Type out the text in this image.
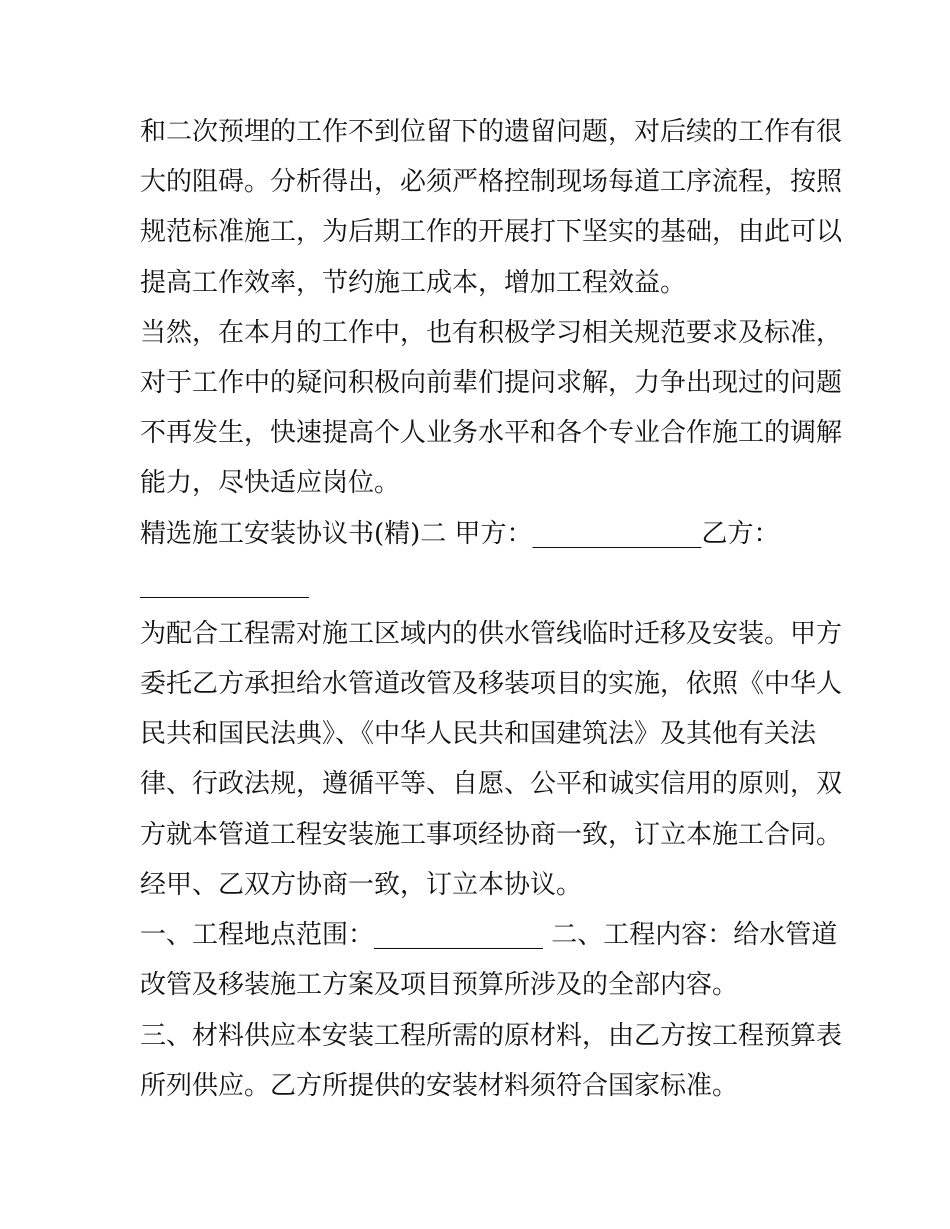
和二次预埋的工作不到位留下的遗留问题，对后续的工作有很
大的阻碍。分析得出，必须严格控制现场每道工序流程，按照
规范标准施工，为后期工作的开展打下坚实的基础，由此可以
提高工作效率，节约施工成本，增加工程效益。
当然，在本月的工作中，也有积极学习相关规范要求及标准，
对于工作中的疑问积极向前辈们提问求解，力争出现过的问题
不再发生，快速提高个人业务水平和各个专业合作施工的调解
能力，尽快适应岗位。
精选施工安装协议书(精)二 甲方：_____________乙方：
_____________
为配合工程需对施工区域内的供水管线临时迁移及安装。甲方
委托乙方承担给水管道改管及移装项目的实施，依照《中华人
民共和国民法典》、《中华人民共和国建筑法》及其他有关法
律、行政法规，遵循平等、自愿、公平和诚实信用的原则，双
方就本管道工程安装施工事项经协商一致，订立本施工合同。
经甲、乙双方协商一致，订立本协议。
一、工程地点范围：_____________ 二、工程内容：给水管道
改管及移装施工方案及项目预算所涉及的全部内容。
三、材料供应本安装工程所需的原材料，由乙方按工程预算表
所列供应。乙方所提供的安装材料须符合国家标准。
